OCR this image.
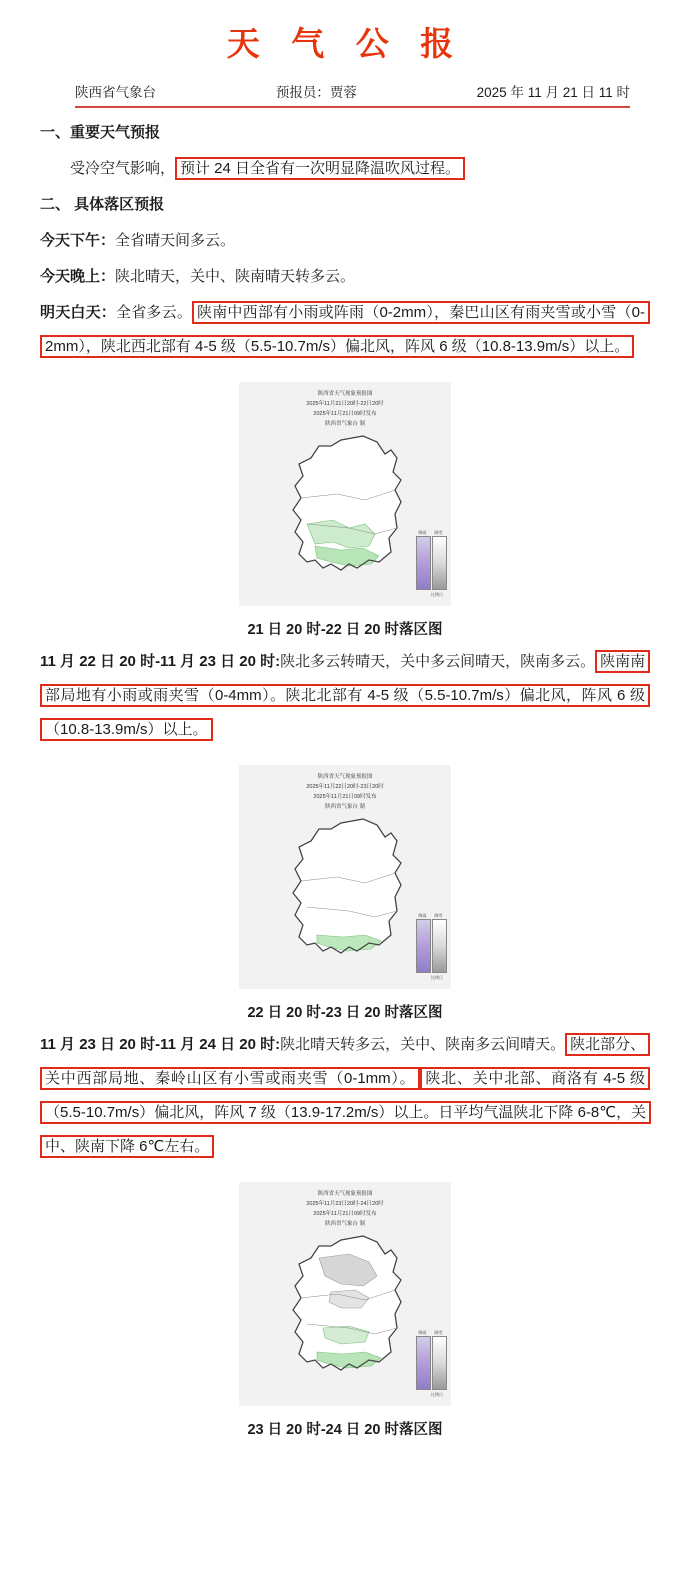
天 气 公 报
陕西省气象台	预报员：贾蓉	2025 年 11 月 21 日 11 时

一、重要天气预报

受冷空气影响， 预计 24 日全省有一次明显降温吹风过程。

二、 具体落区预报

今天下午：全省晴天间多云。

今天晚上：陕北晴天，关中、陕南晴天转多云。

明天白天：全省多云。 陕南中西部有小雨或阵雨（0-2mm），秦巴山区有雨夹雪或小雪（0-2mm），陕北西北部有 4-5 级（5.5-10.7m/s）偏北风，阵风 6 级（10.8-13.9m/s）以上。

陕西省天气现象预报图
2025年11月21日20时-22日20时
2025年11月21日09时发布
陕西省气象台 制
降雨	降雪
比例尺
21 日 20 时-22 日 20 时落区图

11 月 22 日 20 时-11 月 23 日 20 时:陕北多云转晴天，关中多云间晴天，陕南多云。 陕南南部局地有小雨或雨夹雪（0-4mm）。陕北北部有 4-5 级（5.5-10.7m/s）偏北风，阵风 6 级（10.8-13.9m/s）以上。

陕西省天气现象预报图
2025年11月22日20时-23日20时
2025年11月21日09时发布
陕西省气象台 制
降雨	降雪
比例尺
22 日 20 时-23 日 20 时落区图

11 月 23 日 20 时-11 月 24 日 20 时:陕北晴天转多云，关中、陕南多云间晴天。 陕北部分、关中西部局地、秦岭山区有小雪或雨夹雪（0-1mm）。 陕北、关中北部、商洛有 4-5 级（5.5-10.7m/s）偏北风，阵风 7 级（13.9-17.2m/s）以上。日平均气温陕北下降 6-8℃，关中、陕南下降 6℃左右。

陕西省天气现象预报图
2025年11月23日20时-24日20时
2025年11月21日09时发布
陕西省气象台 制
降雨	降雪
比例尺
23 日 20 时-24 日 20 时落区图
